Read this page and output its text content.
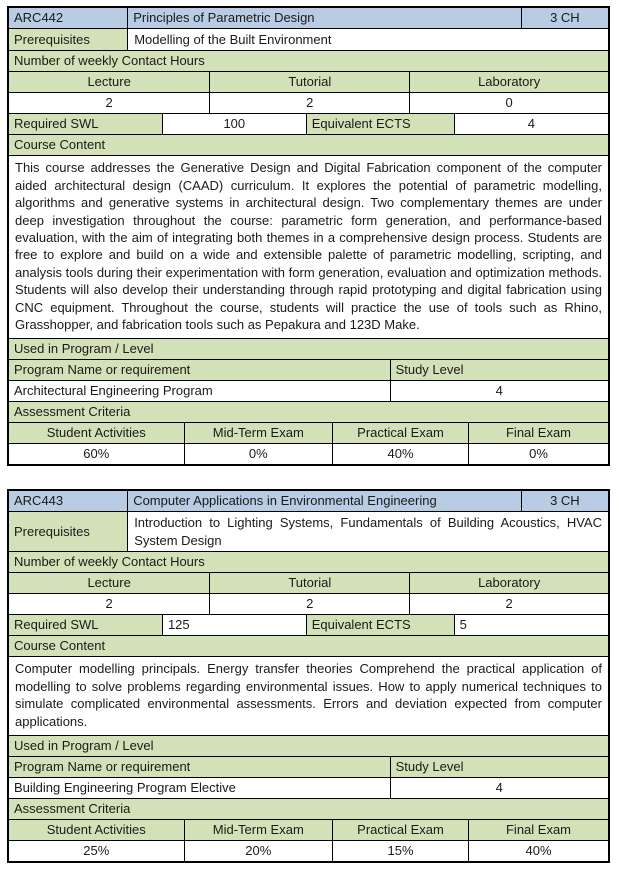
ARC442	Principles of Parametric Design	3 CH
Prerequisites	Modelling of the Built Environment
Number of weekly Contact Hours
Lecture	Tutorial	Laboratory
2	2	0
Required SWL	100	Equivalent ECTS	4
Course Content
This course addresses the Generative Design and Digital Fabrication component of the computer aided architectural design (CAAD) curriculum. It explores the potential of parametric modelling, algorithms and generative systems in architectural design. Two complementary themes are under deep investigation throughout the course: parametric form generation, and performance-based evaluation, with the aim of integrating both themes in a comprehensive design process. Students are free to explore and build on a wide and extensible palette of parametric modelling, scripting, and analysis tools during their experimentation with form generation, evaluation and optimization methods. Students will also develop their understanding through rapid prototyping and digital fabrication using CNC equipment. Throughout the course, students will practice the use of tools such as Rhino, Grasshopper, and fabrication tools such as Pepakura and 123D Make.
Used in Program / Level
Program Name or requirement	Study Level
Architectural Engineering Program	4
Assessment Criteria
Student Activities	Mid-Term Exam	Practical Exam	Final Exam
60%	0%	40%	0%
ARC443	Computer Applications in Environmental Engineering	3 CH
Prerequisites
Introduction to Lighting Systems, Fundamentals of Building Acoustics, HVAC System Design
Number of weekly Contact Hours
Lecture	Tutorial	Laboratory
2	2	2
Required SWL	125	Equivalent ECTS	5
Course Content
Computer modelling principals. Energy transfer theories Comprehend the practical application of modelling to solve problems regarding environmental issues. How to apply numerical techniques to simulate complicated environmental assessments. Errors and deviation expected from computer applications.
Used in Program / Level
Program Name or requirement	Study Level
Building Engineering Program Elective	4
Assessment Criteria
Student Activities	Mid-Term Exam	Practical Exam	Final Exam
25%	20%	15%	40%
